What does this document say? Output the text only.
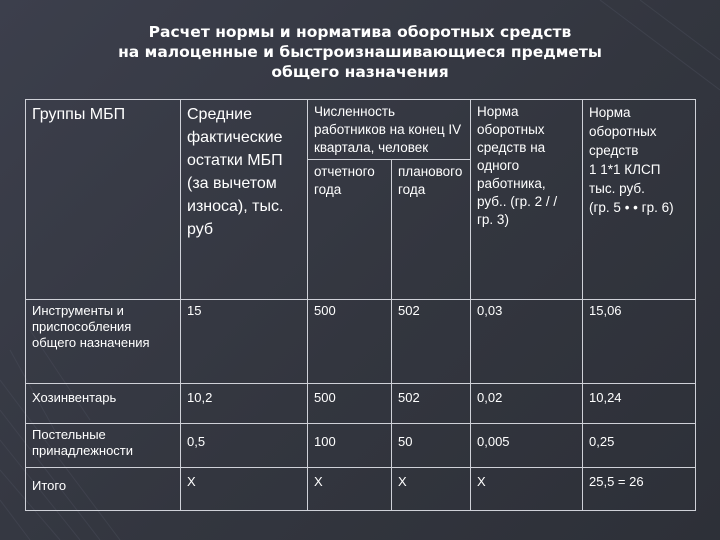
Расчет нормы и норматива оборотных средств
на малоценные и быстроизнашивающиеся предметы
общего назначения
Группы МБП	Средние фактические остатки МБП (за вычетом износа), тыс. руб	Численность работников на конец IV квартала, человек		Норма оборотных средств на одного работника, руб.. (гр. 2 / / гр. 3)	Норма оборотных средств
1 1*1 КЛСП
тыс. руб.
(гр. 5 • • гр. 6)

		отчетного года	планового года		
Инструменты и приспособления общего назначения	15	500	502	0,03	15,06
Хозинвентарь	10,2	500	502	0,02	10,24
Постельные принадлежности	0,5	100	50	0,005	0,25
Итого	X	X	X	X	25,5 = 26
